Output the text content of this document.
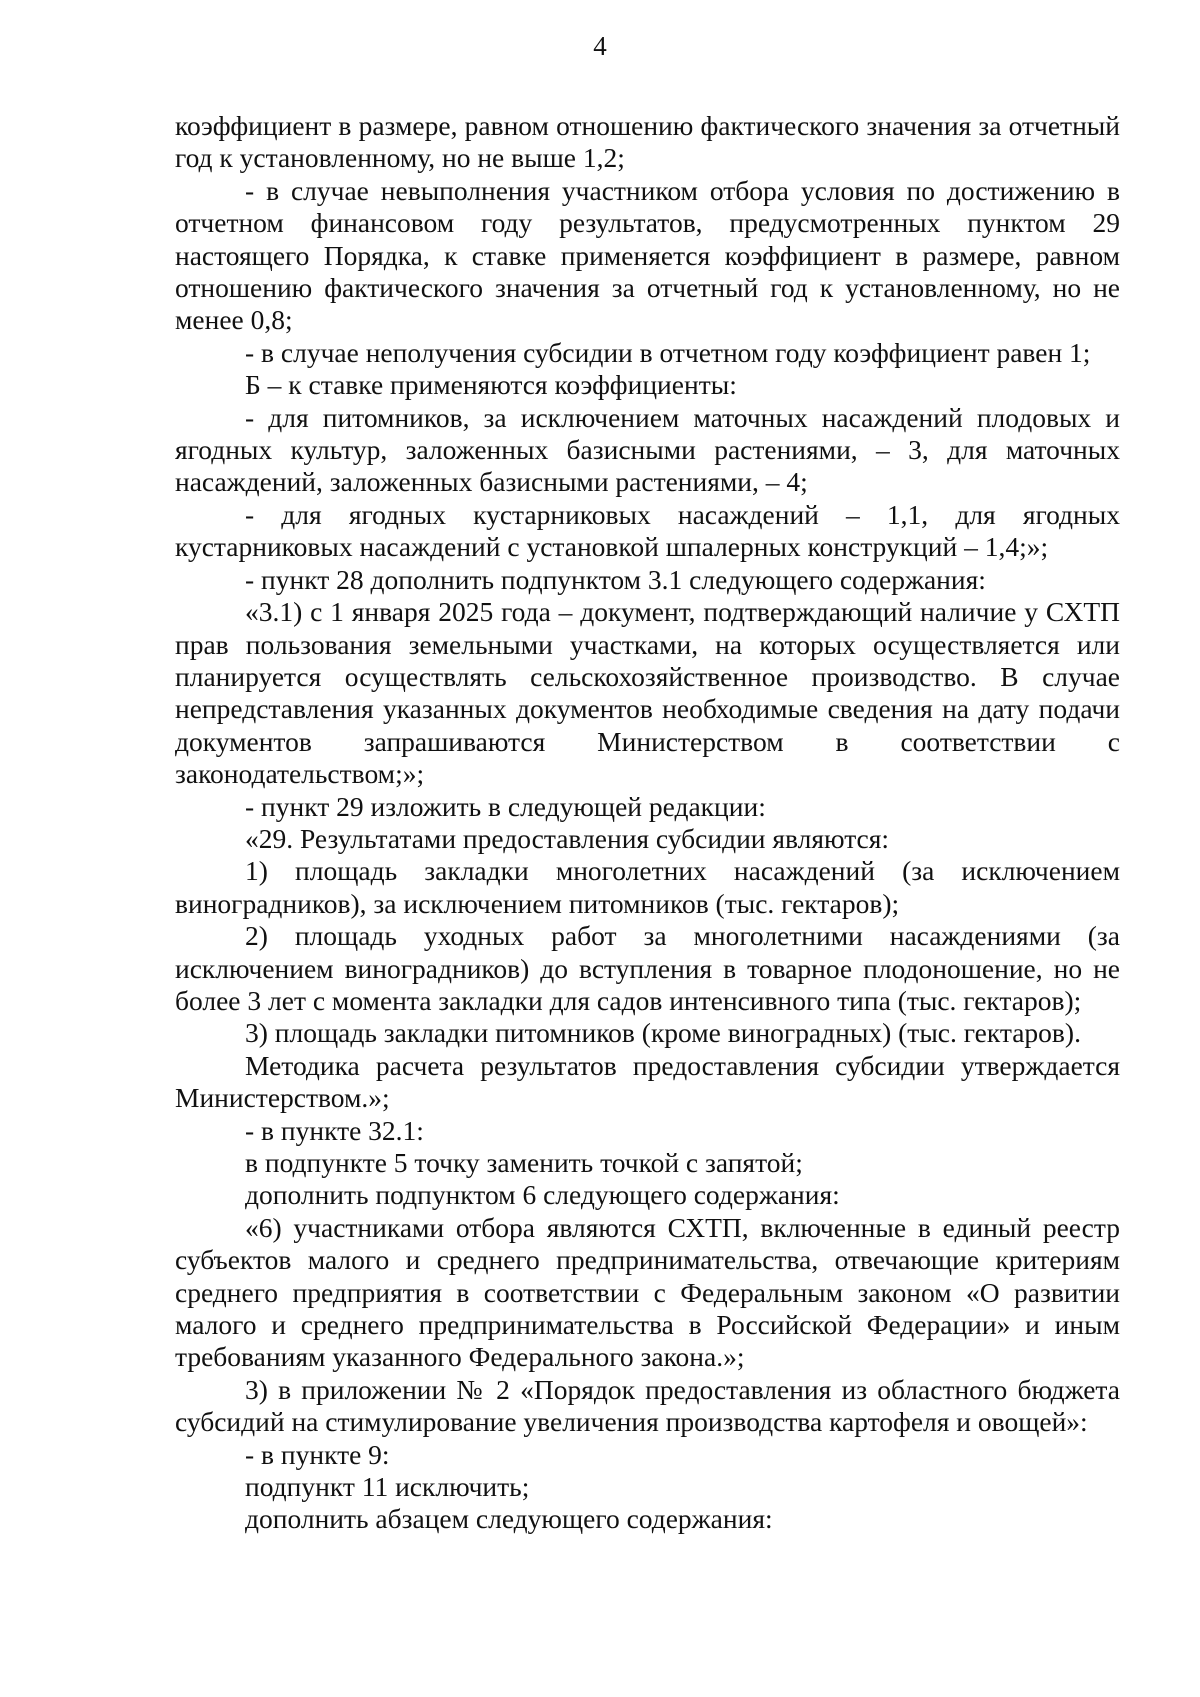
4

коэффициент в размере, равном отношению фактического значения за отчетный год к установленному, но не выше 1,2;

- в случае невыполнения участником отбора условия по достижению в отчетном финансовом году результатов, предусмотренных пунктом 29 настоящего Порядка, к ставке применяется коэффициент в размере, равном отношению фактического значения за отчетный год к установленному, но не менее 0,8;

- в случае неполучения субсидии в отчетном году коэффициент равен 1;

Б – к ставке применяются коэффициенты:

- для питомников, за исключением маточных насаждений плодовых и ягодных культур, заложенных базисными растениями, – 3, для маточных насаждений, заложенных базисными растениями, – 4;

- для ягодных кустарниковых насаждений – 1,1, для ягодных кустарниковых насаждений с установкой шпалерных конструкций – 1,4;»;

- пункт 28 дополнить подпунктом 3.1 следующего содержания:

«3.1) с 1 января 2025 года – документ, подтверждающий наличие у СХТП прав пользования земельными участками, на которых осуществляется или планируется осуществлять сельскохозяйственное производство. В случае непредставления указанных документов необходимые сведения на дату подачи документов запрашиваются Министерством в соответствии с законодательством;»;

- пункт 29 изложить в следующей редакции:

«29. Результатами предоставления субсидии являются:

1) площадь закладки многолетних насаждений (за исключением виноградников), за исключением питомников (тыс. гектаров);

2) площадь уходных работ за многолетними насаждениями (за исключением виноградников) до вступления в товарное плодоношение, но не более 3 лет с момента закладки для садов интенсивного типа (тыс. гектаров);

3) площадь закладки питомников (кроме виноградных) (тыс. гектаров).

Методика расчета результатов предоставления субсидии утверждается Министерством.»;

- в пункте 32.1:

в подпункте 5 точку заменить точкой с запятой;

дополнить подпунктом 6 следующего содержания:

«6) участниками отбора являются СХТП, включенные в единый реестр субъектов малого и среднего предпринимательства, отвечающие критериям среднего предприятия в соответствии с Федеральным законом «О развитии малого и среднего предпринимательства в Российской Федерации» и иным требованиям указанного Федерального закона.»;

3) в приложении № 2 «Порядок предоставления из областного бюджета субсидий на стимулирование увеличения производства картофеля и овощей»:

- в пункте 9:

подпункт 11 исключить;

дополнить абзацем следующего содержания:
